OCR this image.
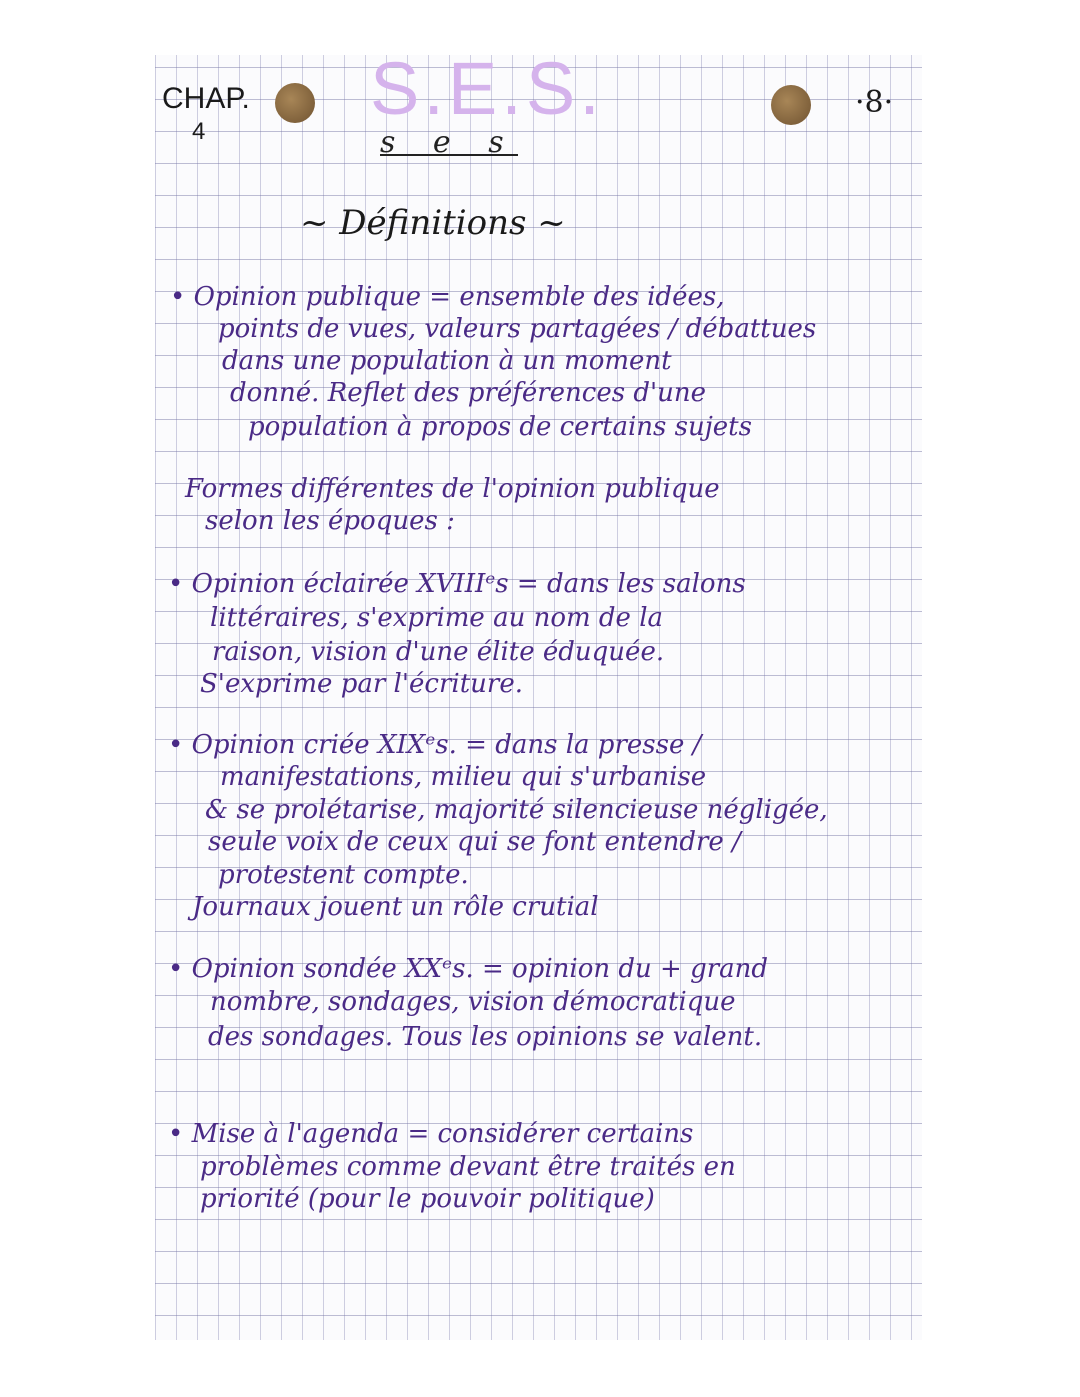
CHAP.
4
S.E.S.
s e s
·8·
~ Définitions ~
• Opinion publique = ensemble des idées,
points de vues, valeurs partagées / débattues
dans une population à un moment
donné. Reflet des préférences d'une
population à propos de certains sujets
Formes différentes de l'opinion publique
selon les époques :
• Opinion éclairée XVIIIᵉs = dans les salons
littéraires, s'exprime au nom de la
raison, vision d'une élite éduquée.
S'exprime par l'écriture.
• Opinion criée XIXᵉs. = dans la presse /
manifestations, milieu qui s'urbanise
& se prolétarise, majorité silencieuse négligée,
seule voix de ceux qui se font entendre /
protestent compte.
Journaux jouent un rôle crutial
• Opinion sondée XXᵉs. = opinion du + grand
nombre, sondages, vision démocratique
des sondages. Tous les opinions se valent.
• Mise à l'agenda = considérer certains
problèmes comme devant être traités en
priorité (pour le pouvoir politique)
